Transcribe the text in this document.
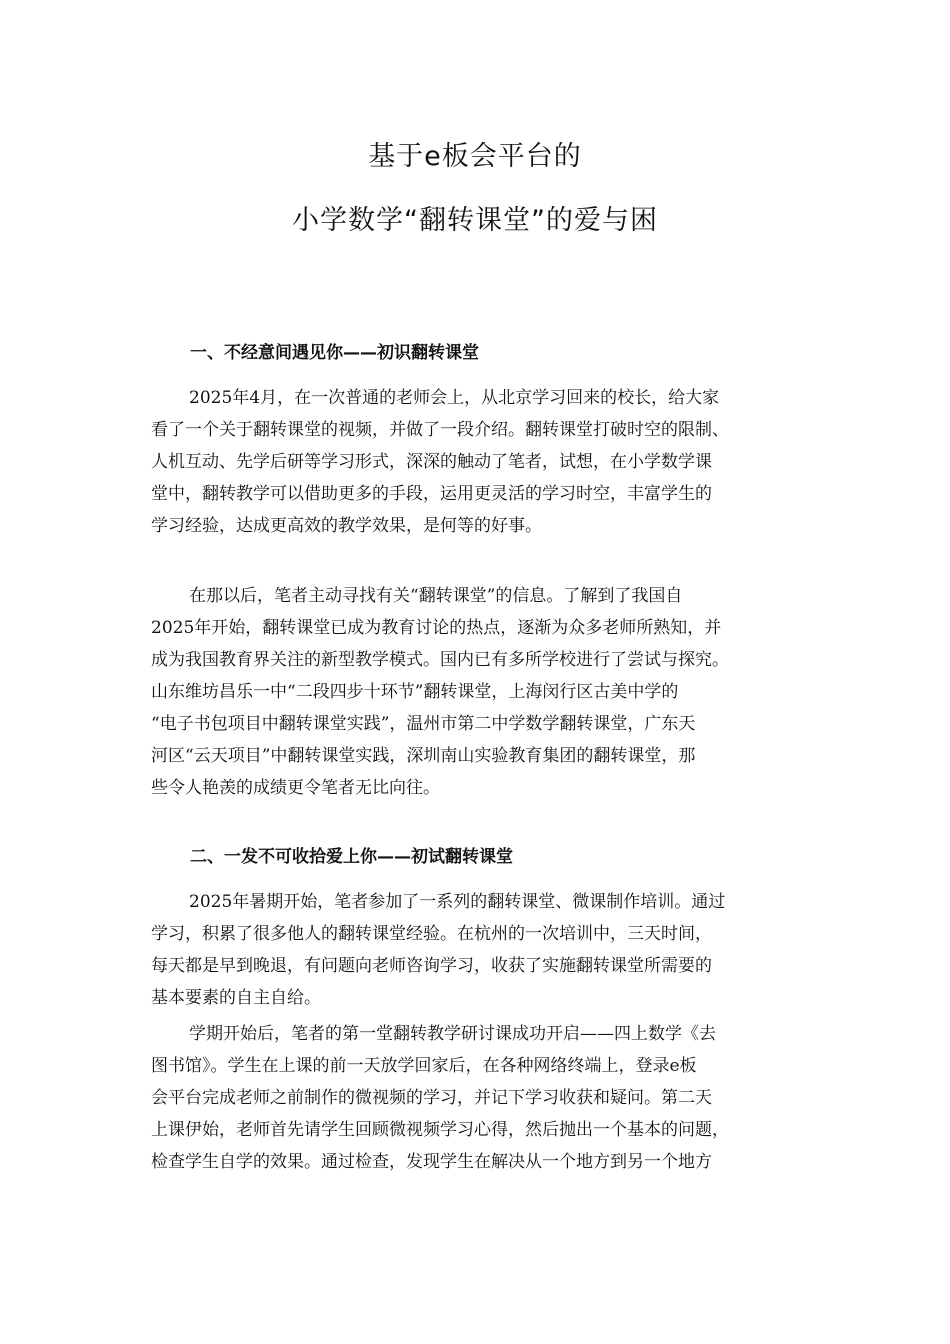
基于e板会平台的
小学数学“翻转课堂”的爱与困
一、不经意间遇见你——初识翻转课堂
2025年4月，在一次普通的老师会上，从北京学习回来的校长，给大家
看了一个关于翻转课堂的视频，并做了一段介绍。翻转课堂打破时空的限制、
人机互动、先学后研等学习形式，深深的触动了笔者，试想，在小学数学课
堂中，翻转教学可以借助更多的手段，运用更灵活的学习时空，丰富学生的
学习经验，达成更高效的教学效果，是何等的好事。
在那以后，笔者主动寻找有关“翻转课堂”的信息。了解到了我国自
2025年开始，翻转课堂已成为教育讨论的热点，逐渐为众多老师所熟知，并
成为我国教育界关注的新型教学模式。国内已有多所学校进行了尝试与探究。
山东维坊昌乐一中“二段四步十环节”翻转课堂，上海闵行区古美中学的
“电子书包项目中翻转课堂实践”，温州市第二中学数学翻转课堂，广东天
河区“云天项目”中翻转课堂实践，深圳南山实验教育集团的翻转课堂，那
些令人艳羡的成绩更令笔者无比向往。
二、一发不可收拾爱上你——初试翻转课堂
2025年暑期开始，笔者参加了一系列的翻转课堂、微课制作培训。通过
学习，积累了很多他人的翻转课堂经验。在杭州的一次培训中，三天时间，
每天都是早到晚退，有问题向老师咨询学习，收获了实施翻转课堂所需要的
基本要素的自主自给。
学期开始后，笔者的第一堂翻转教学研讨课成功开启——四上数学《去
图书馆》。学生在上课的前一天放学回家后，在各种网络终端上，登录e板
会平台完成老师之前制作的微视频的学习，并记下学习收获和疑问。第二天
上课伊始，老师首先请学生回顾微视频学习心得，然后抛出一个基本的问题，
检查学生自学的效果。通过检查，发现学生在解决从一个地方到另一个地方
